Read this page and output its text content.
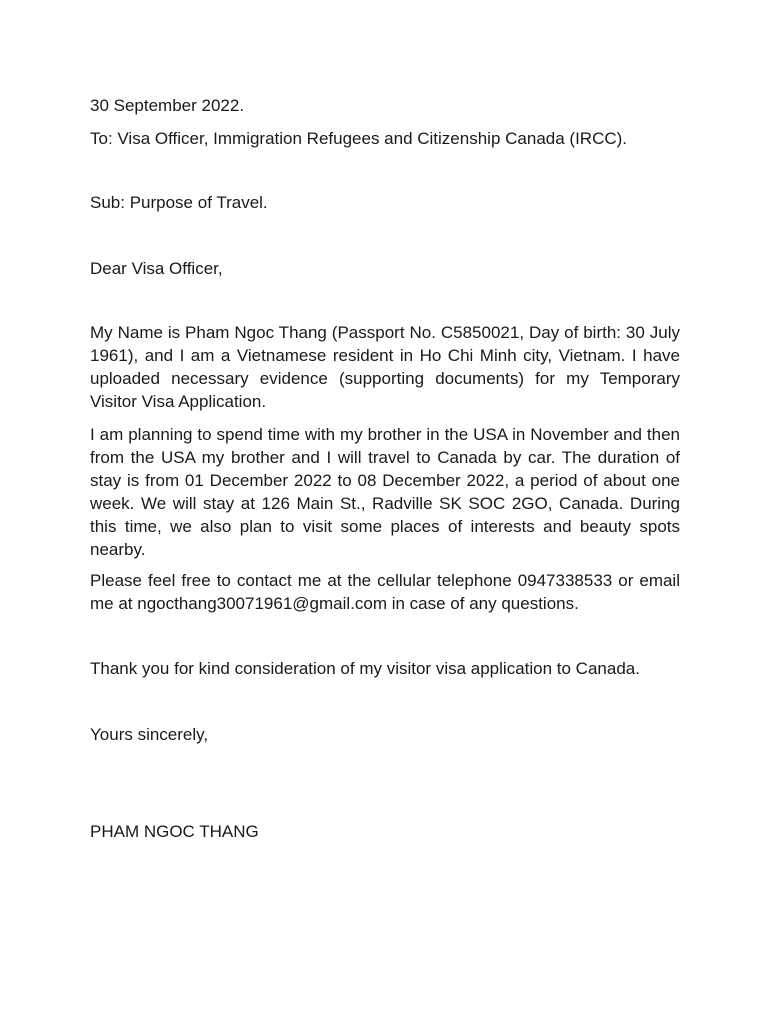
30 September 2022.

To: Visa Officer, Immigration Refugees and Citizenship Canada (IRCC).

Sub: Purpose of Travel.

Dear Visa Officer,

My Name is Pham Ngoc Thang (Passport No. C5850021, Day of birth: 30 July 1961), and I am a Vietnamese resident in Ho Chi Minh city, Vietnam. I have uploaded necessary evidence (supporting documents) for my Temporary Visitor Visa Application.

I am planning to spend time with my brother in the USA in November and then from the USA my brother and I will travel to Canada by car. The duration of stay is from 01 December 2022 to 08 December 2022, a period of about one week. We will stay at 126 Main St., Radville SK SOC 2GO, Canada. During this time, we also plan to visit some places of interests and beauty spots nearby.

Please feel free to contact me at the cellular telephone 0947338533 or email me at ngocthang30071961@gmail.com in case of any questions.

Thank you for kind consideration of my visitor visa application to Canada.

Yours sincerely,

PHAM NGOC THANG
